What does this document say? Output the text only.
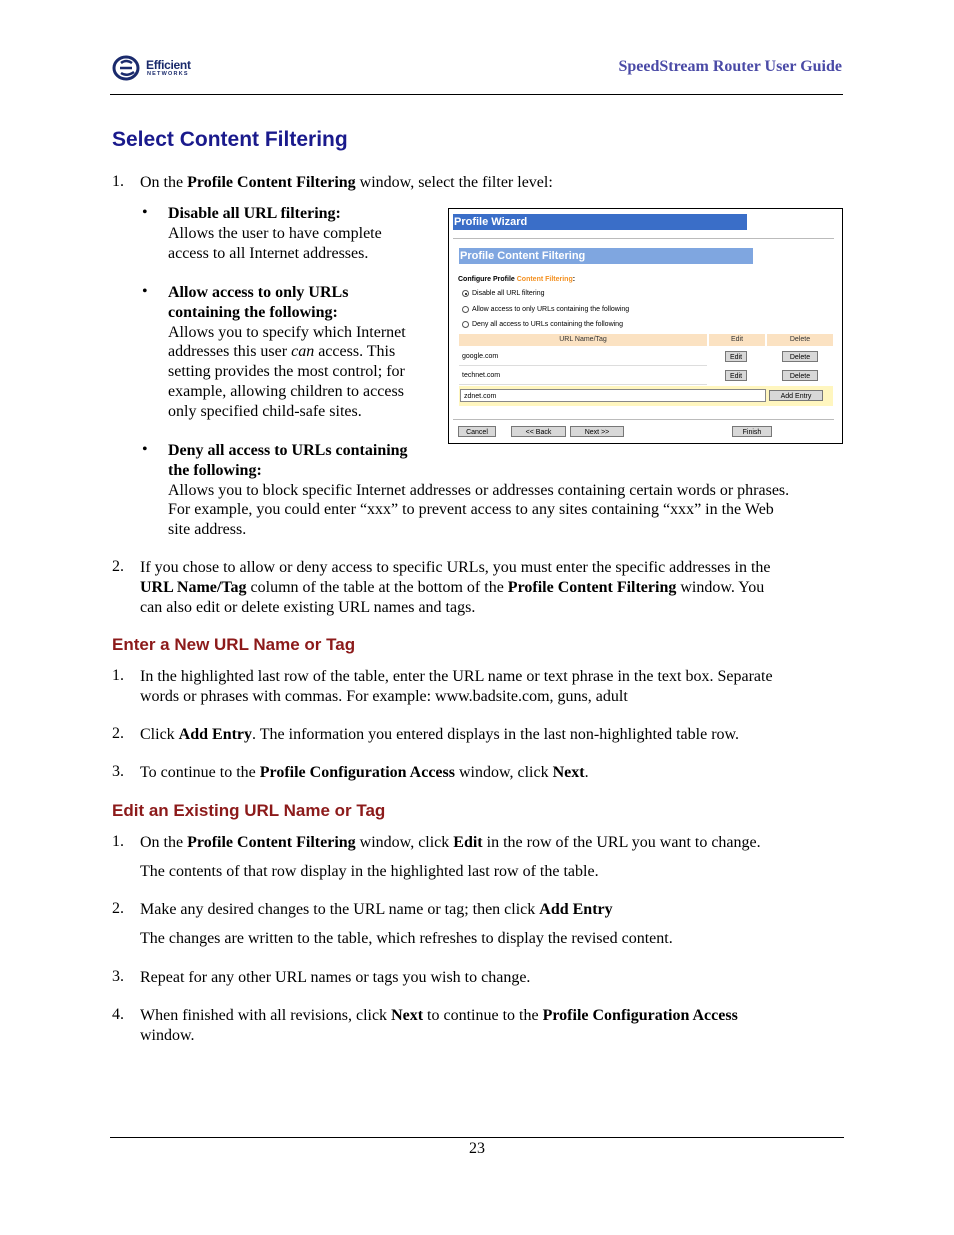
Efficient
NETWORKS	SpeedStream Router User Guide
Select Content Filtering
1. On the Profile Content Filtering window, select the filter level:
• Disable all URL filtering:
Allows the user to have complete
access to all Internet addresses.
• Allow access to only URLs
containing the following:
Allows you to specify which Internet
addresses this user can access. This
setting provides the most control; for
example, allowing children to access
only specified child-safe sites.
• Deny all access to URLs containing
the following:
Allows you to block specific Internet addresses or addresses containing certain words or phrases.
For example, you could enter “xxx” to prevent access to any sites containing “xxx” in the Web
site address.
Profile Wizard
Profile Content Filtering
Configure Profile Content Filtering:
Disable all URL filtering
Allow access to only URLs containing the following
Deny all access to URLs containing the following
URL Name/Tag	Edit	Delete
google.com	Edit	Delete
technet.com	Edit	Delete
zdnet.com	Add Entry
Cancel	<< Back	Next >>	Finish
2. If you chose to allow or deny access to specific URLs, you must enter the specific addresses in the
URL Name/Tag column of the table at the bottom of the Profile Content Filtering window. You
can also edit or delete existing URL names and tags.
Enter a New URL Name or Tag
1. In the highlighted last row of the table, enter the URL name or text phrase in the text box. Separate
words or phrases with commas. For example: www.badsite.com, guns, adult
2. Click Add Entry. The information you entered displays in the last non-highlighted table row.
3. To continue to the Profile Configuration Access window, click Next.
Edit an Existing URL Name or Tag
1. On the Profile Content Filtering window, click Edit in the row of the URL you want to change.
The contents of that row display in the highlighted last row of the table.
2. Make any desired changes to the URL name or tag; then click Add Entry
The changes are written to the table, which refreshes to display the revised content.
3. Repeat for any other URL names or tags you wish to change.
4. When finished with all revisions, click Next to continue to the Profile Configuration Access
window.
23
